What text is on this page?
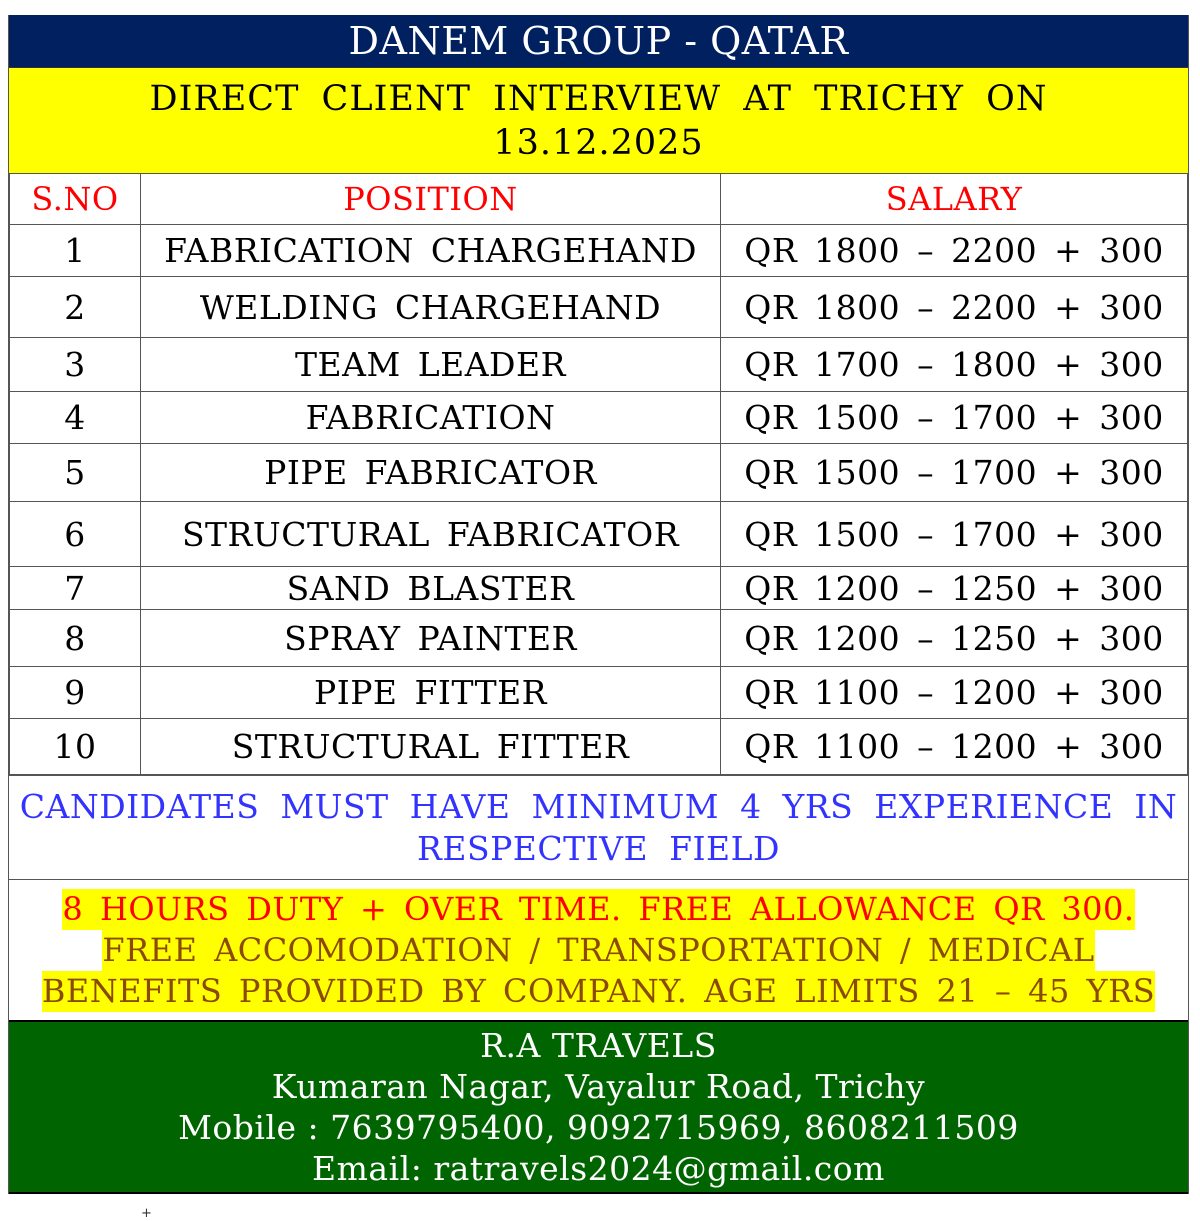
DANEM GROUP - QATAR
DIRECT CLIENT INTERVIEW AT TRICHY ON
13.12.2025
S.NO	POSITION	SALARY
1	FABRICATION CHARGEHAND	QR 1800 – 2200 + 300
2	WELDING CHARGEHAND	QR 1800 – 2200 + 300
3	TEAM LEADER	QR 1700 – 1800 + 300
4	FABRICATION	QR 1500 – 1700 + 300
5	PIPE FABRICATOR	QR 1500 – 1700 + 300
6	STRUCTURAL FABRICATOR	QR 1500 – 1700 + 300
7	SAND BLASTER	QR 1200 – 1250 + 300
8	SPRAY PAINTER	QR 1200 – 1250 + 300
9	PIPE FITTER	QR 1100 – 1200 + 300
10	STRUCTURAL FITTER	QR 1100 – 1200 + 300
CANDIDATES MUST HAVE MINIMUM 4 YRS EXPERIENCE IN
RESPECTIVE FIELD
8 HOURS DUTY + OVER TIME. FREE ALLOWANCE QR 300.
FREE ACCOMODATION / TRANSPORTATION / MEDICAL
BENEFITS PROVIDED BY COMPANY. AGE LIMITS 21 – 45 YRS
R.A TRAVELS
Kumaran Nagar, Vayalur Road, Trichy
Mobile : 7639795400, 9092715969, 8608211509
Email: ratravels2024@gmail.com
+
